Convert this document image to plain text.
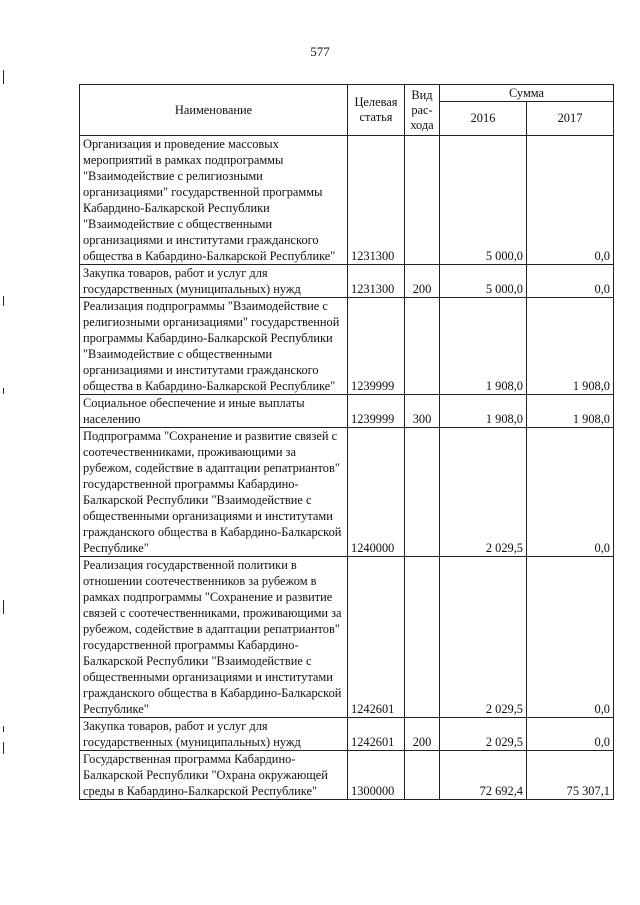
577
Наименование	Целевая статья	Вид рас-хода	Сумма	
			2016	2017
Организация и проведение массовых мероприятий в рамках подпрограммы "Взаимодействие с религиозными организациями" государственной программы Кабардино-Балкарской Республики "Взаимодействие с общественными организациями и институтами гражданского общества в Кабардино-Балкарской Республике"	1231300		5 000,0	0,0
Закупка товаров, работ и услуг для государственных (муниципальных) нужд	1231300	200	5 000,0	0,0
Реализация подпрограммы "Взаимодействие с религиозными организациями" государственной программы Кабардино-Балкарской Республики "Взаимодействие с общественными организациями и институтами гражданского общества в Кабардино-Балкарской Республике"	1239999		1 908,0	1 908,0
Социальное обеспечение и иные выплаты населению	1239999	300	1 908,0	1 908,0
Подпрограмма "Сохранение и развитие связей с соотечественниками, проживающими за рубежом, содействие в адаптации репатриантов" государственной программы Кабардино-Балкарской Республики "Взаимодействие с общественными организациями и институтами гражданского общества в Кабардино-Балкарской Республике"	1240000		2 029,5	0,0
Реализация государственной политики в отношении соотечественников за рубежом в рамках подпрограммы "Сохранение и развитие связей с соотечественниками, проживающими за рубежом, содействие в адаптации репатриантов" государственной программы Кабардино-Балкарской Республики "Взаимодействие с общественными организациями и институтами гражданского общества в Кабардино-Балкарской Республике"	1242601		2 029,5	0,0
Закупка товаров, работ и услуг для государственных (муниципальных) нужд	1242601	200	2 029,5	0,0
Государственная программа Кабардино-Балкарской Республики "Охрана окружающей среды в Кабардино-Балкарской Республике"	1300000		72 692,4	75 307,1
